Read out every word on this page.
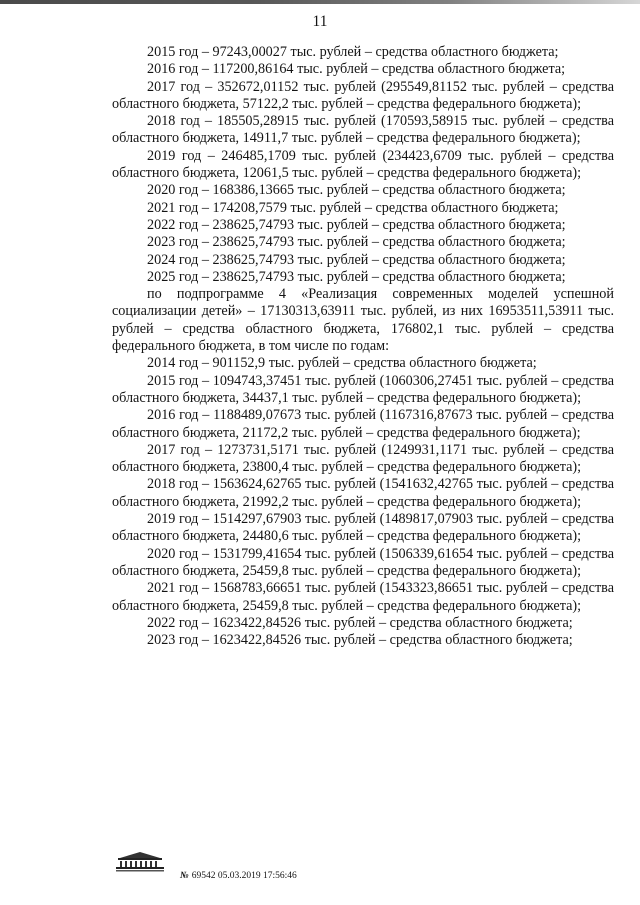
11

2015 год – 97243,00027 тыс. рублей – средства областного бюджета;

2016 год – 117200,86164 тыс. рублей – средства областного бюджета;

2017 год – 352672,01152 тыс. рублей (295549,81152 тыс. рублей – средства областного бюджета, 57122,2 тыс. рублей – средства федерального бюджета);

2018 год – 185505,28915 тыс. рублей (170593,58915 тыс. рублей – средства областного бюджета, 14911,7 тыс. рублей – средства федерального бюджета);

2019 год – 246485,1709 тыс. рублей (234423,6709 тыс. рублей – средства областного бюджета, 12061,5 тыс. рублей – средства федерального бюджета);

2020 год – 168386,13665 тыс. рублей – средства областного бюджета;

2021 год – 174208,7579 тыс. рублей – средства областного бюджета;

2022 год – 238625,74793 тыс. рублей – средства областного бюджета;

2023 год – 238625,74793 тыс. рублей – средства областного бюджета;

2024 год – 238625,74793 тыс. рублей – средства областного бюджета;

2025 год – 238625,74793 тыс. рублей – средства областного бюджета;

по подпрограмме 4 «Реализация современных моделей успешной социализации детей» – 17130313,63911 тыс. рублей, из них 16953511,53911 тыс. рублей – средства областного бюджета, 176802,1 тыс. рублей – средства федерального бюджета, в том числе по годам:

2014 год – 901152,9 тыс. рублей – средства областного бюджета;

2015 год – 1094743,37451 тыс. рублей (1060306,27451 тыс. рублей – средства областного бюджета, 34437,1 тыс. рублей – средства федерального бюджета);

2016 год – 1188489,07673 тыс. рублей (1167316,87673 тыс. рублей – средства областного бюджета, 21172,2 тыс. рублей – средства федерального бюджета);

2017 год – 1273731,5171 тыс. рублей (1249931,1171 тыс. рублей – средства областного бюджета, 23800,4 тыс. рублей – средства федерального бюджета);

2018 год – 1563624,62765 тыс. рублей (1541632,42765 тыс. рублей – средства областного бюджета, 21992,2 тыс. рублей – средства федерального бюджета);

2019 год – 1514297,67903 тыс. рублей (1489817,07903 тыс. рублей – средства областного бюджета, 24480,6 тыс. рублей – средства федерального бюджета);

2020 год – 1531799,41654 тыс. рублей (1506339,61654 тыс. рублей – средства областного бюджета, 25459,8 тыс. рублей – средства федерального бюджета);

2021 год – 1568783,66651 тыс. рублей (1543323,86651 тыс. рублей – средства областного бюджета, 25459,8 тыс. рублей – средства федерального бюджета);

2022 год – 1623422,84526 тыс. рублей – средства областного бюджета;

2023 год – 1623422,84526 тыс. рублей – средства областного бюджета;

№ 69542 05.03.2019 17:56:46
